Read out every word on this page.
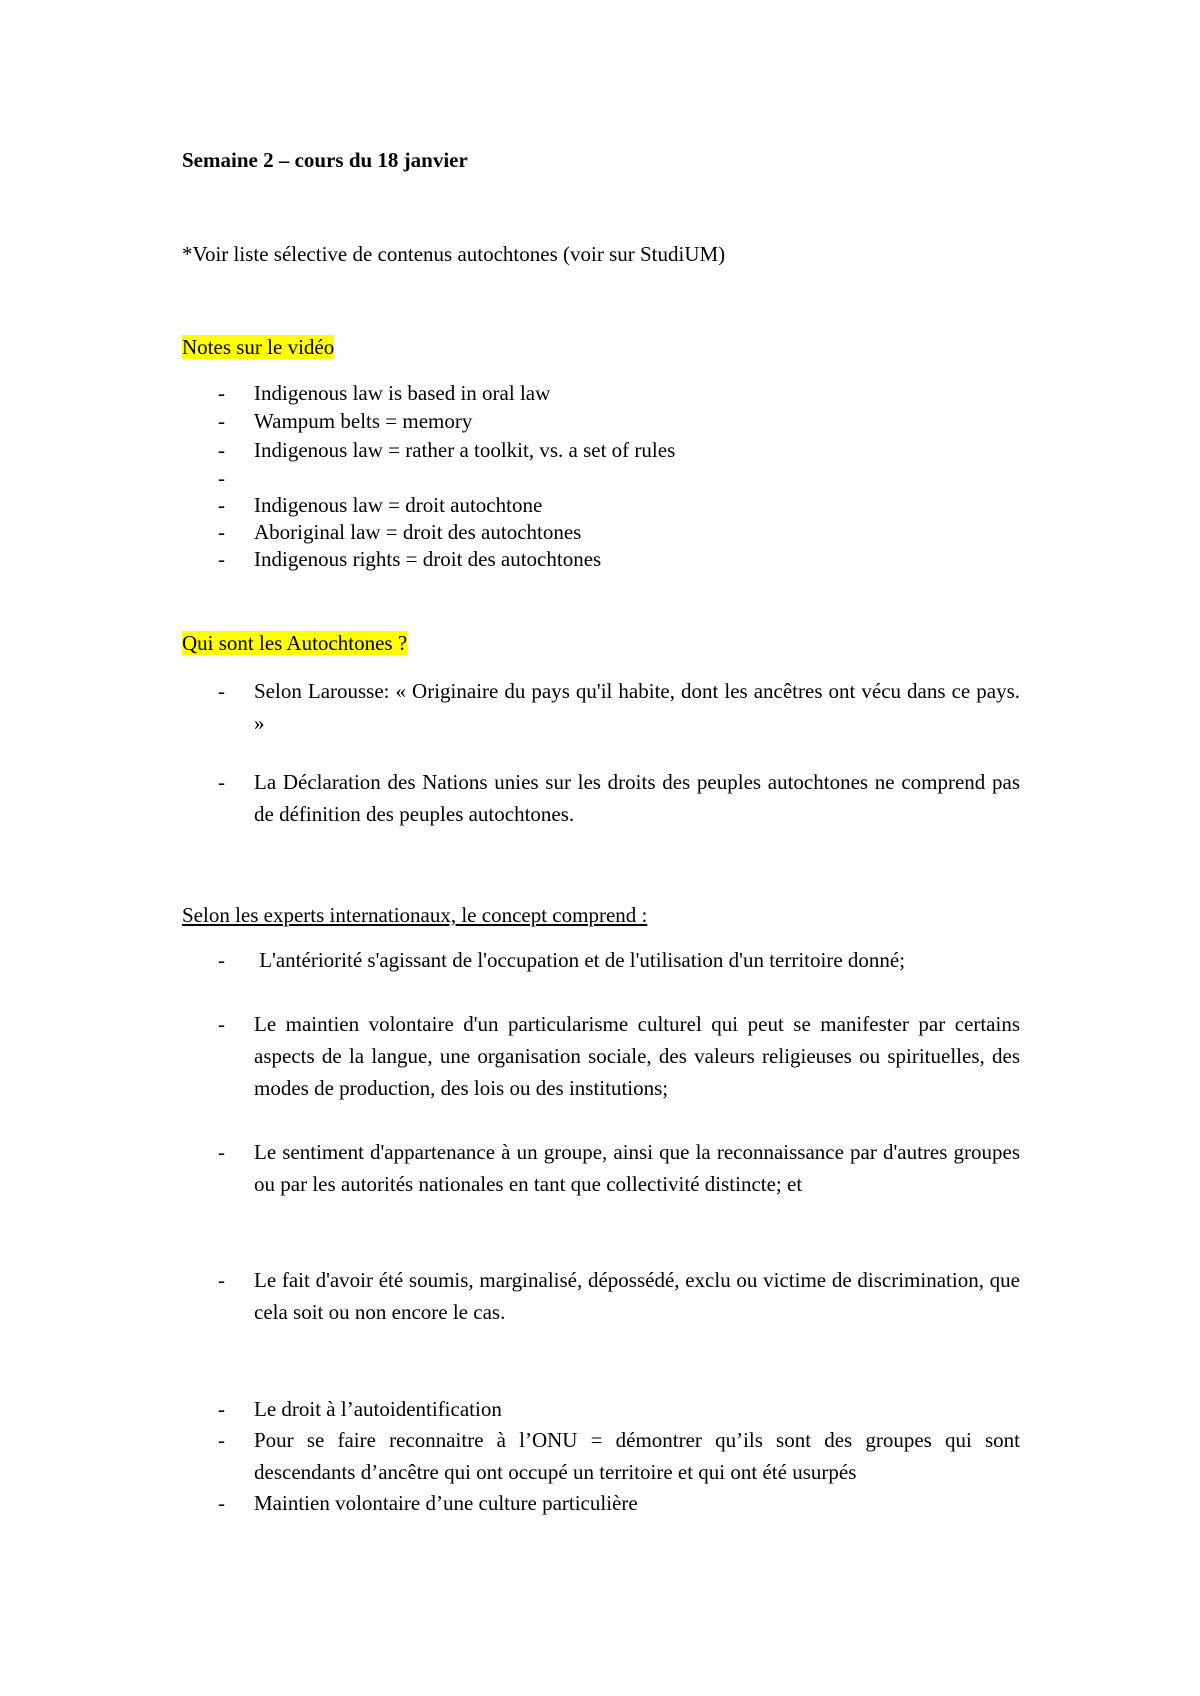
Semaine 2 – cours du 18 janvier
*Voir liste sélective de contenus autochtones (voir sur StudiUM)
Notes sur le vidéo
- Indigenous law is based in oral law
- Wampum belts = memory
- Indigenous law = rather a toolkit, vs. a set of rules
-
- Indigenous law = droit autochtone
- Aboriginal law = droit des autochtones
- Indigenous rights = droit des autochtones
Qui sont les Autochtones ?
- Selon Larousse: « Originaire du pays qu'il habite, dont les ancêtres ont vécu dans ce pays. »
- La Déclaration des Nations unies sur les droits des peuples autochtones ne comprend pas de définition des peuples autochtones.
Selon les experts internationaux, le concept comprend :
- L'antériorité s'agissant de l'occupation et de l'utilisation d'un territoire donné;
- Le maintien volontaire d'un particularisme culturel qui peut se manifester par certains aspects de la langue, une organisation sociale, des valeurs religieuses ou spirituelles, des modes de production, des lois ou des institutions;
- Le sentiment d'appartenance à un groupe, ainsi que la reconnaissance par d'autres groupes ou par les autorités nationales en tant que collectivité distincte; et
- Le fait d'avoir été soumis, marginalisé, dépossédé, exclu ou victime de discrimination, que cela soit ou non encore le cas.
- Le droit à l’autoidentification
- Pour se faire reconnaitre à l’ONU = démontrer qu’ils sont des groupes qui sont descendants d’ancêtre qui ont occupé un territoire et qui ont été usurpés
- Maintien volontaire d’une culture particulière
